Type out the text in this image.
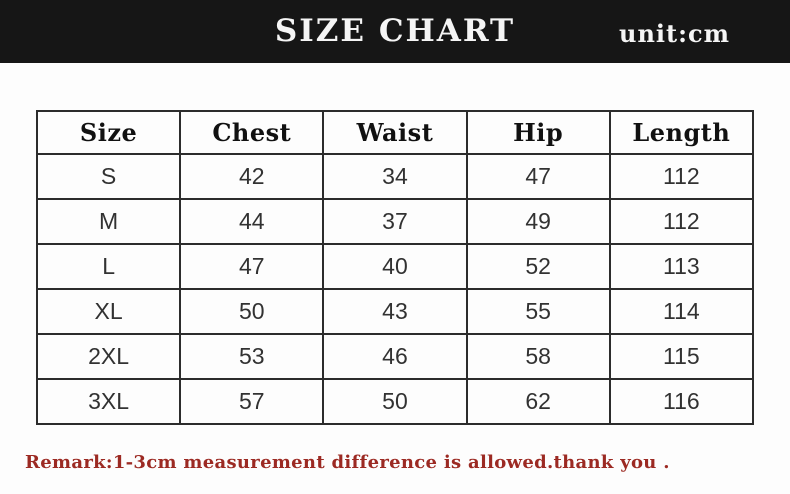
SIZE CHART	unit:cm
Size	Chest	Waist	Hip	Length
S	42	34	47	112
M	44	37	49	112
L	47	40	52	113
XL	50	43	55	114
2XL	53	46	58	115
3XL	57	50	62	116

Remark:1-3cm measurement difference is allowed.thank you .
